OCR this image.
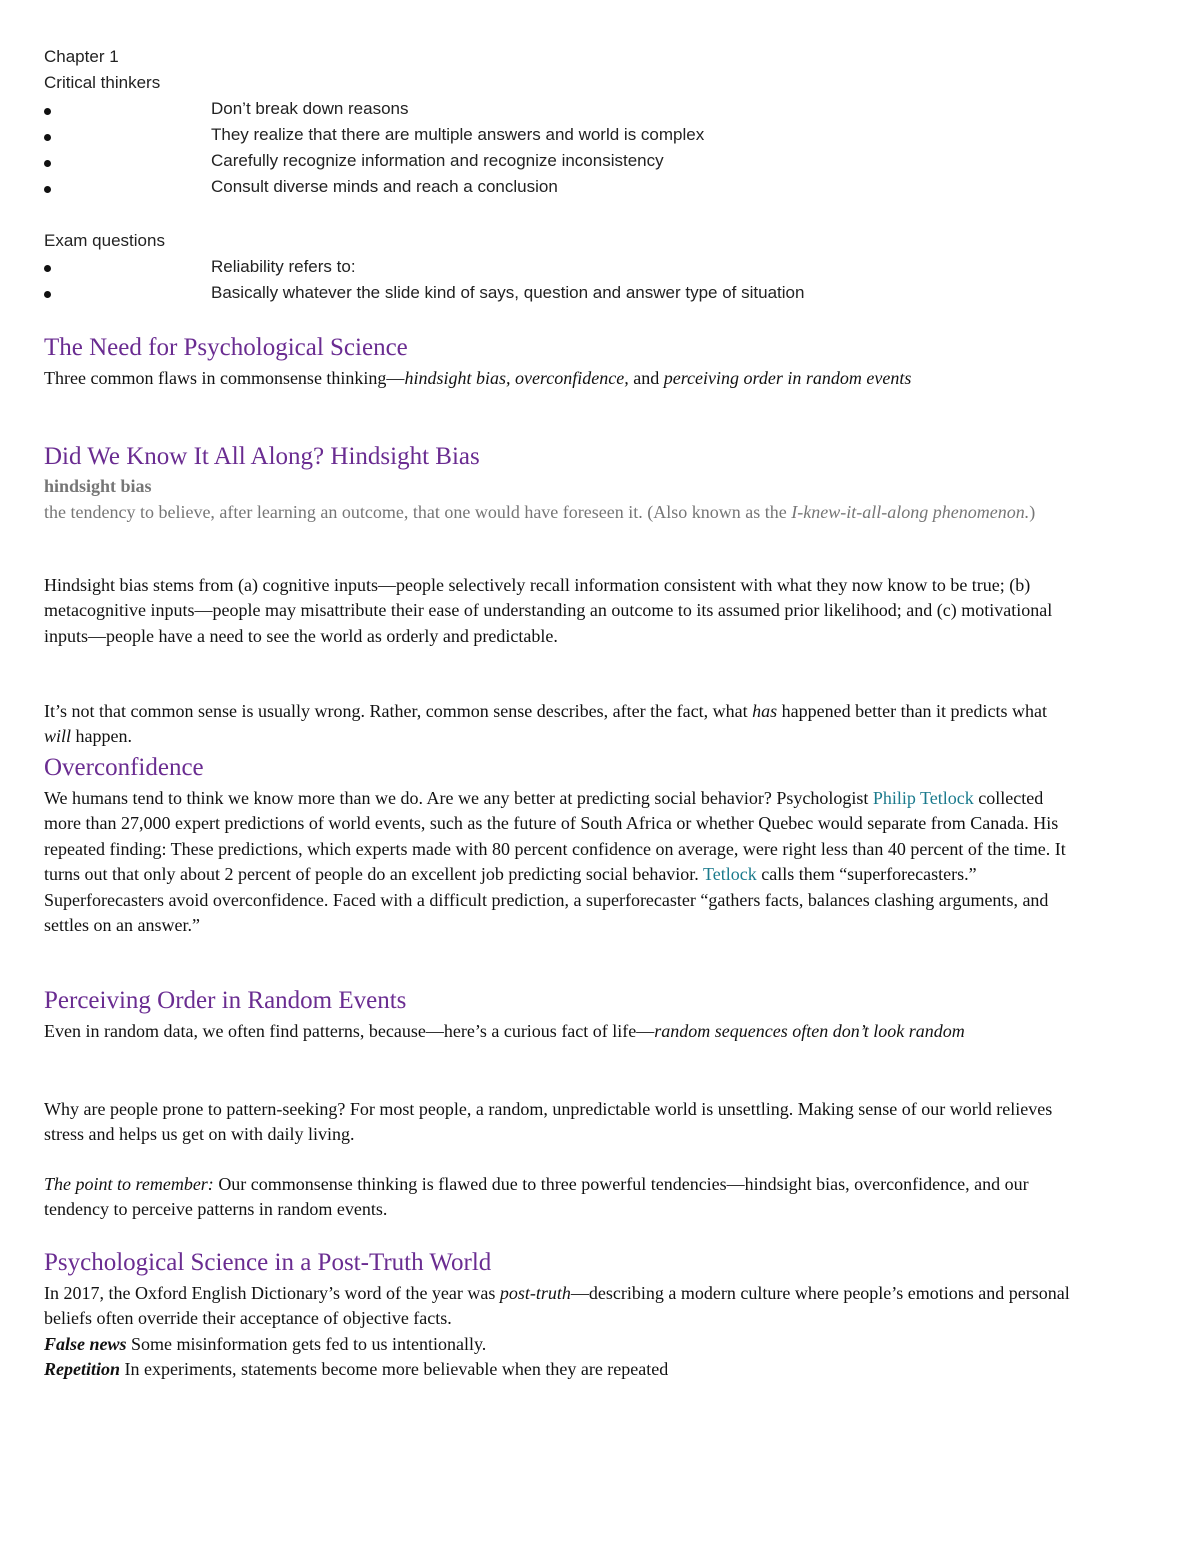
Chapter 1
Critical thinkers
Don’t break down reasons
They realize that there are multiple answers and world is complex
Carefully recognize information and recognize inconsistency
Consult diverse minds and reach a conclusion
Exam questions
Reliability refers to:
Basically whatever the slide kind of says, question and answer type of situation
The Need for Psychological Science
Three common flaws in commonsense thinking—hindsight bias, overconfidence, and perceiving order in random events
Did We Know It All Along? Hindsight Bias
hindsight bias
the tendency to believe, after learning an outcome, that one would have foreseen it. (Also known as the I-knew-it-all-along phenomenon.)
Hindsight bias stems from (a) cognitive inputs—people selectively recall information consistent with what they now know to be true; (b) metacognitive inputs—people may misattribute their ease of understanding an outcome to its assumed prior likelihood; and (c) motivational inputs—people have a need to see the world as orderly and predictable.
It’s not that common sense is usually wrong. Rather, common sense describes, after the fact, what has happened better than it predicts what will happen.
Overconfidence
We humans tend to think we know more than we do. Are we any better at predicting social behavior? Psychologist Philip Tetlock collected more than 27,000 expert predictions of world events, such as the future of South Africa or whether Quebec would separate from Canada. His repeated finding: These predictions, which experts made with 80 percent confidence on average, were right less than 40 percent of the time. It turns out that only about 2 percent of people do an excellent job predicting social behavior. Tetlock calls them “superforecasters.” Superforecasters avoid overconfidence. Faced with a difficult prediction, a superforecaster “gathers facts, balances clashing arguments, and settles on an answer.”
Perceiving Order in Random Events
Even in random data, we often find patterns, because—here’s a curious fact of life—random sequences often don’t look random
Why are people prone to pattern-seeking? For most people, a random, unpredictable world is unsettling. Making sense of our world relieves stress and helps us get on with daily living.
The point to remember: Our commonsense thinking is flawed due to three powerful tendencies—hindsight bias, overconfidence, and our tendency to perceive patterns in random events.
Psychological Science in a Post-Truth World
In 2017, the Oxford English Dictionary’s word of the year was post-truth—describing a modern culture where people’s emotions and personal beliefs often override their acceptance of objective facts.
False news Some misinformation gets fed to us intentionally.
Repetition In experiments, statements become more believable when they are repeated
